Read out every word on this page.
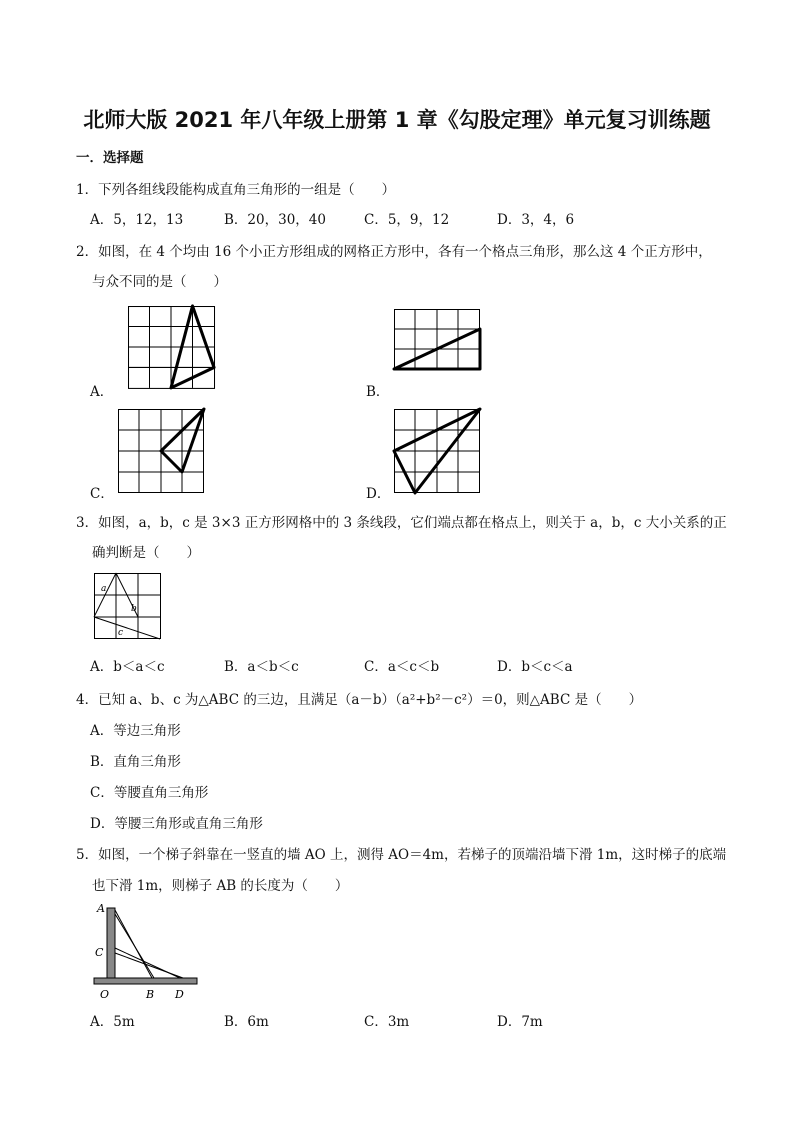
北师大版 2021 年八年级上册第 1 章《勾股定理》单元复习训练题
一．选择题
1．下列各组线段能构成直角三角形的一组是（　　）
A．5，12，13	B．20，30，40	C．5，9，12	D．3，4，6
2．如图，在 4 个均由 16 个小正方形组成的网格正方形中，各有一个格点三角形，那么这 4 个正方形中，
与众不同的是（　　）
A．	B．
C．	D．
3．如图，a，b，c 是 3×3 正方形网格中的 3 条线段，它们端点都在格点上，则关于 a，b，c 大小关系的正
确判断是（　　）
a
b
c
A．b＜a＜c	B．a＜b＜c	C．a＜c＜b	D．b＜c＜a
4．已知 a、b、c 为△ABC 的三边，且满足（a－b）（a²+b²－c²）＝0，则△ABC 是（　　）
A．等边三角形
B．直角三角形
C．等腰直角三角形
D．等腰三角形或直角三角形
5．如图，一个梯子斜靠在一竖直的墙 AO 上，测得 AO＝4m，若梯子的顶端沿墙下滑 1m，这时梯子的底端
也下滑 1m，则梯子 AB 的长度为（　　）
A
C
O	B D
A．5m	B．6m	C．3m	D．7m
